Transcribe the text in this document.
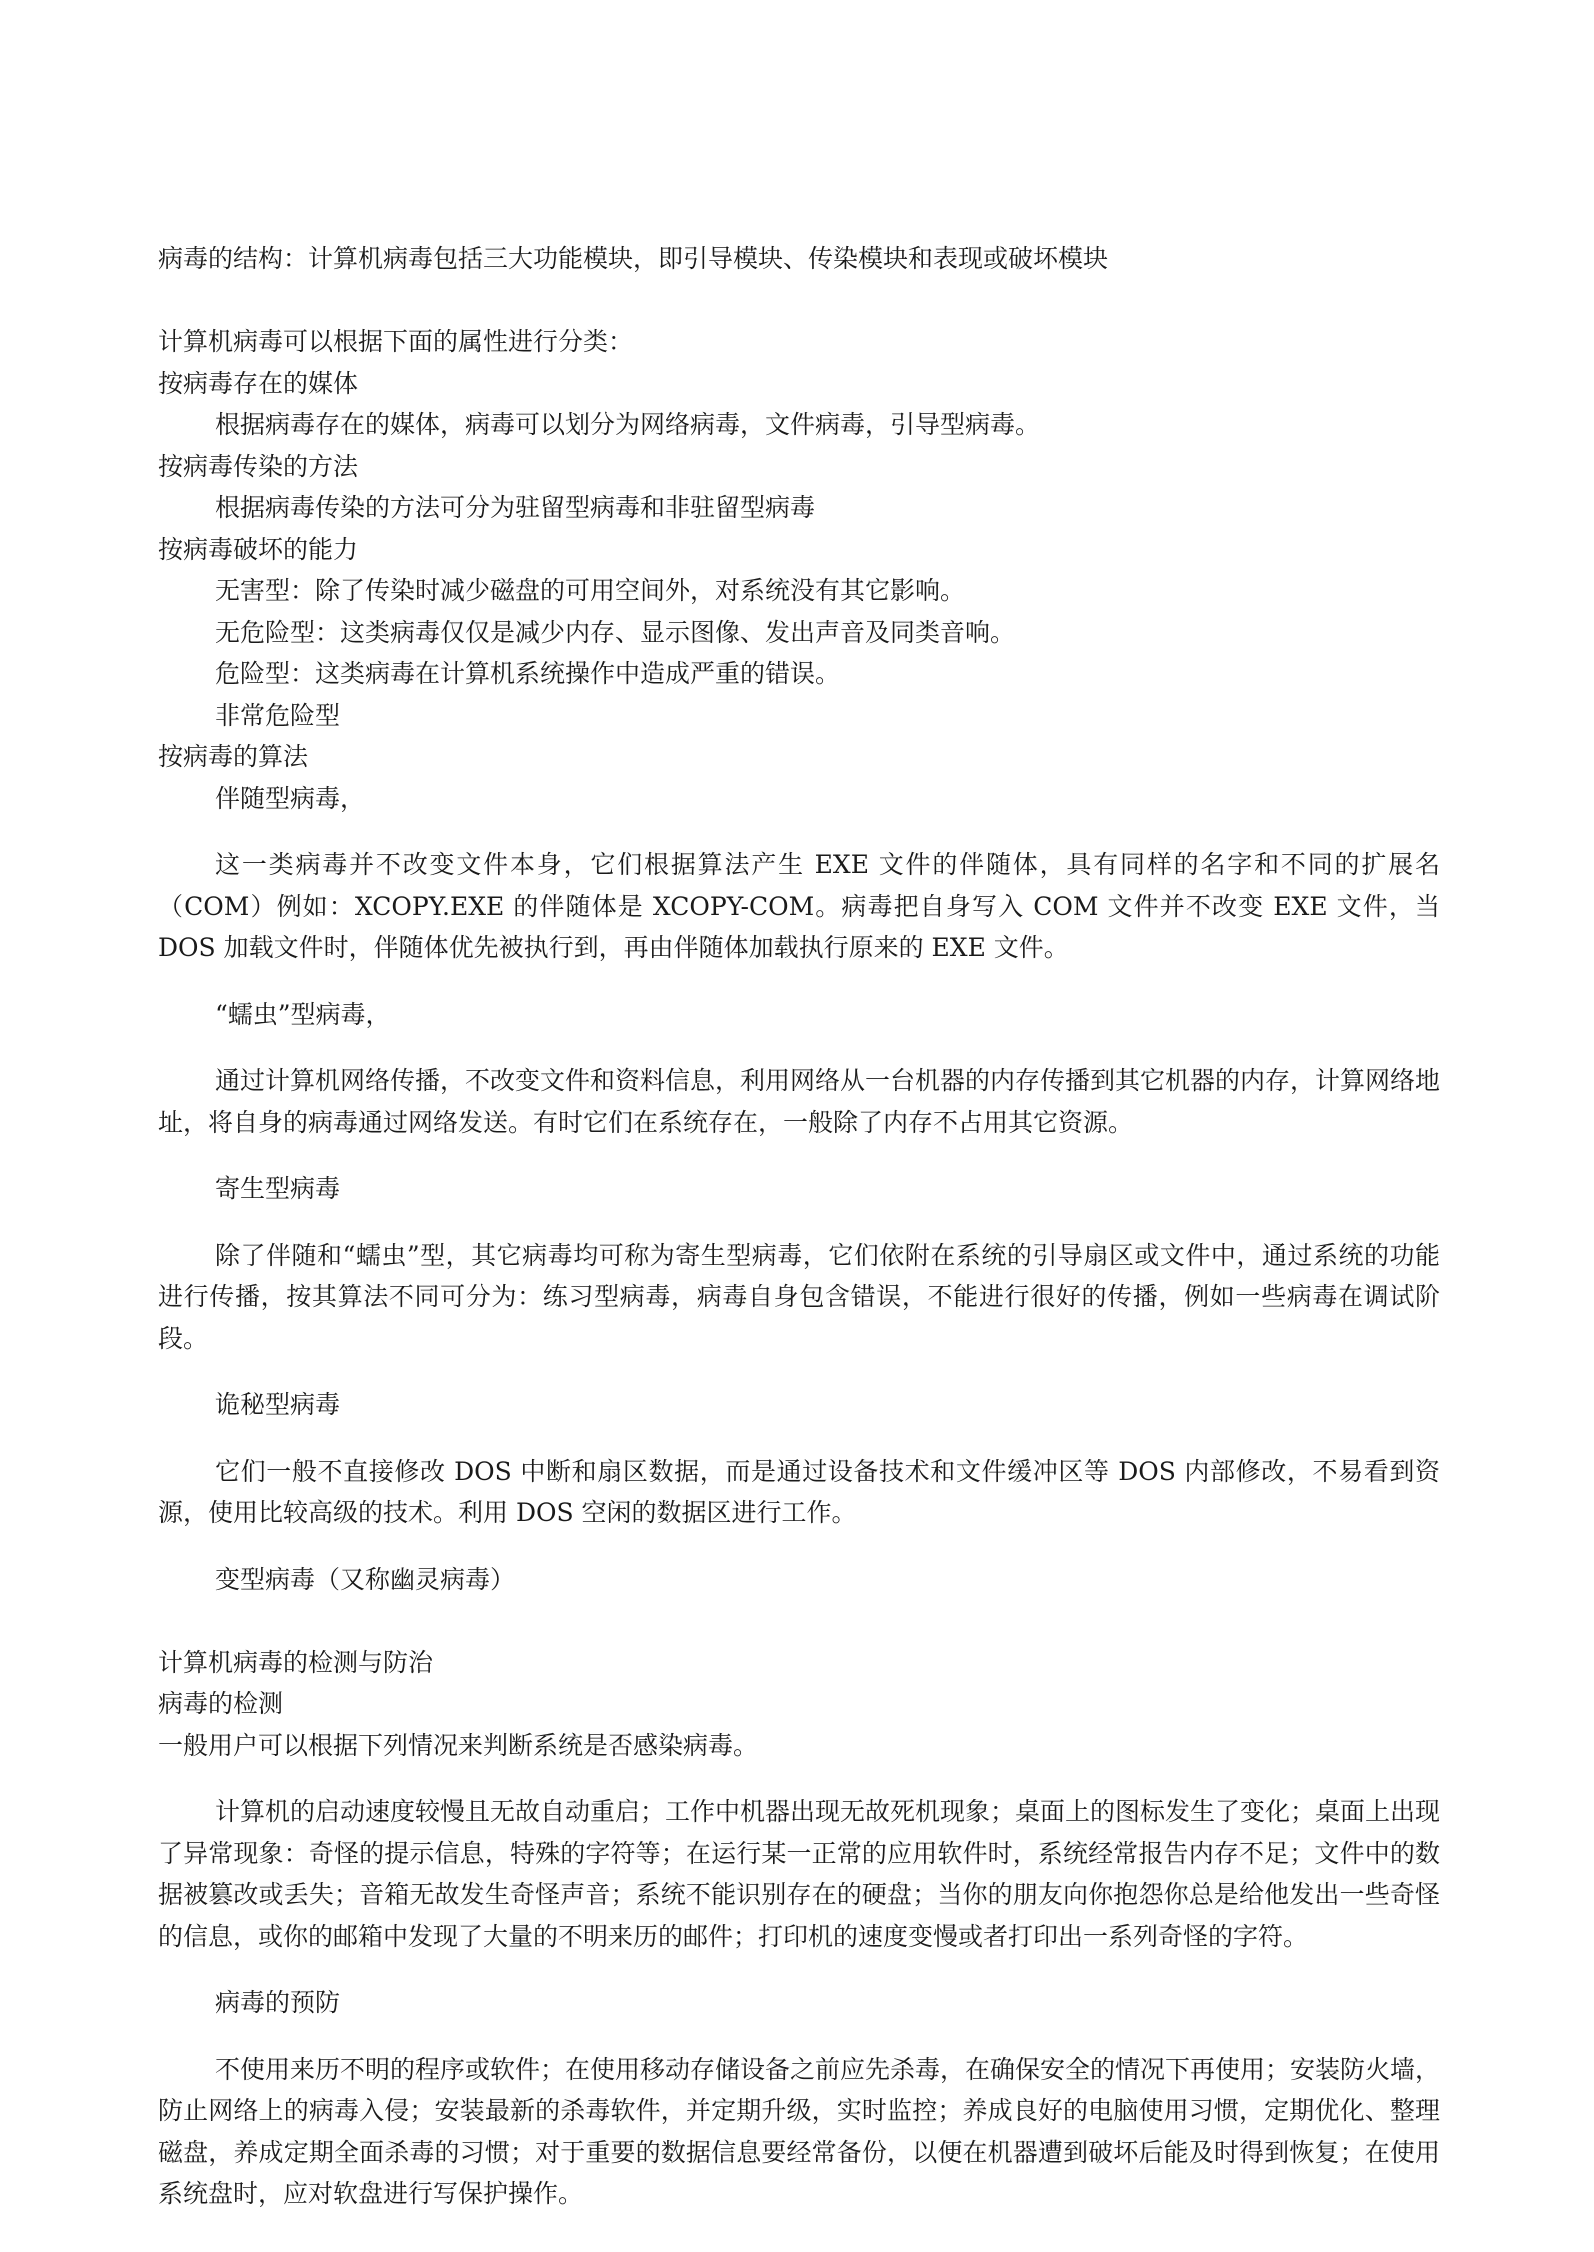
病毒的结构：计算机病毒包括三大功能模块，即引导模块、传染模块和表现或破坏模块

计算机病毒可以根据下面的属性进行分类：

按病毒存在的媒体

根据病毒存在的媒体，病毒可以划分为网络病毒，文件病毒，引导型病毒。

按病毒传染的方法

根据病毒传染的方法可分为驻留型病毒和非驻留型病毒

按病毒破坏的能力

无害型：除了传染时减少磁盘的可用空间外，对系统没有其它影响。

无危险型：这类病毒仅仅是减少内存、显示图像、发出声音及同类音响。

危险型：这类病毒在计算机系统操作中造成严重的错误。

非常危险型

按病毒的算法

伴随型病毒，

这一类病毒并不改变文件本身，它们根据算法产生 EXE 文件的伴随体，具有同样的名字和不同的扩展名（COM）例如：XCOPY.EXE 的伴随体是 XCOPY-COM。病毒把自身写入 COM 文件并不改变 EXE 文件，当 DOS 加载文件时，伴随体优先被执行到，再由伴随体加载执行原来的 EXE 文件。

“蠕虫”型病毒，

通过计算机网络传播，不改变文件和资料信息，利用网络从一台机器的内存传播到其它机器的内存，计算网络地址，将自身的病毒通过网络发送。有时它们在系统存在，一般除了内存不占用其它资源。

寄生型病毒

除了伴随和“蠕虫”型，其它病毒均可称为寄生型病毒，它们依附在系统的引导扇区或文件中，通过系统的功能进行传播，按其算法不同可分为：练习型病毒，病毒自身包含错误，不能进行很好的传播，例如一些病毒在调试阶段。

诡秘型病毒

它们一般不直接修改 DOS 中断和扇区数据，而是通过设备技术和文件缓冲区等 DOS 内部修改，不易看到资源，使用比较高级的技术。利用 DOS 空闲的数据区进行工作。

变型病毒（又称幽灵病毒）

计算机病毒的检测与防治

病毒的检测

一般用户可以根据下列情况来判断系统是否感染病毒。

计算机的启动速度较慢且无故自动重启；工作中机器出现无故死机现象；桌面上的图标发生了变化；桌面上出现了异常现象：奇怪的提示信息，特殊的字符等；在运行某一正常的应用软件时，系统经常报告内存不足；文件中的数据被篡改或丢失；音箱无故发生奇怪声音；系统不能识别存在的硬盘；当你的朋友向你抱怨你总是给他发出一些奇怪的信息，或你的邮箱中发现了大量的不明来历的邮件；打印机的速度变慢或者打印出一系列奇怪的字符。

病毒的预防

不使用来历不明的程序或软件；在使用移动存储设备之前应先杀毒，在确保安全的情况下再使用；安装防火墙，防止网络上的病毒入侵；安装最新的杀毒软件，并定期升级，实时监控；养成良好的电脑使用习惯，定期优化、整理磁盘，养成定期全面杀毒的习惯；对于重要的数据信息要经常备份，以便在机器遭到破坏后能及时得到恢复；在使用系统盘时，应对软盘进行写保护操作。
